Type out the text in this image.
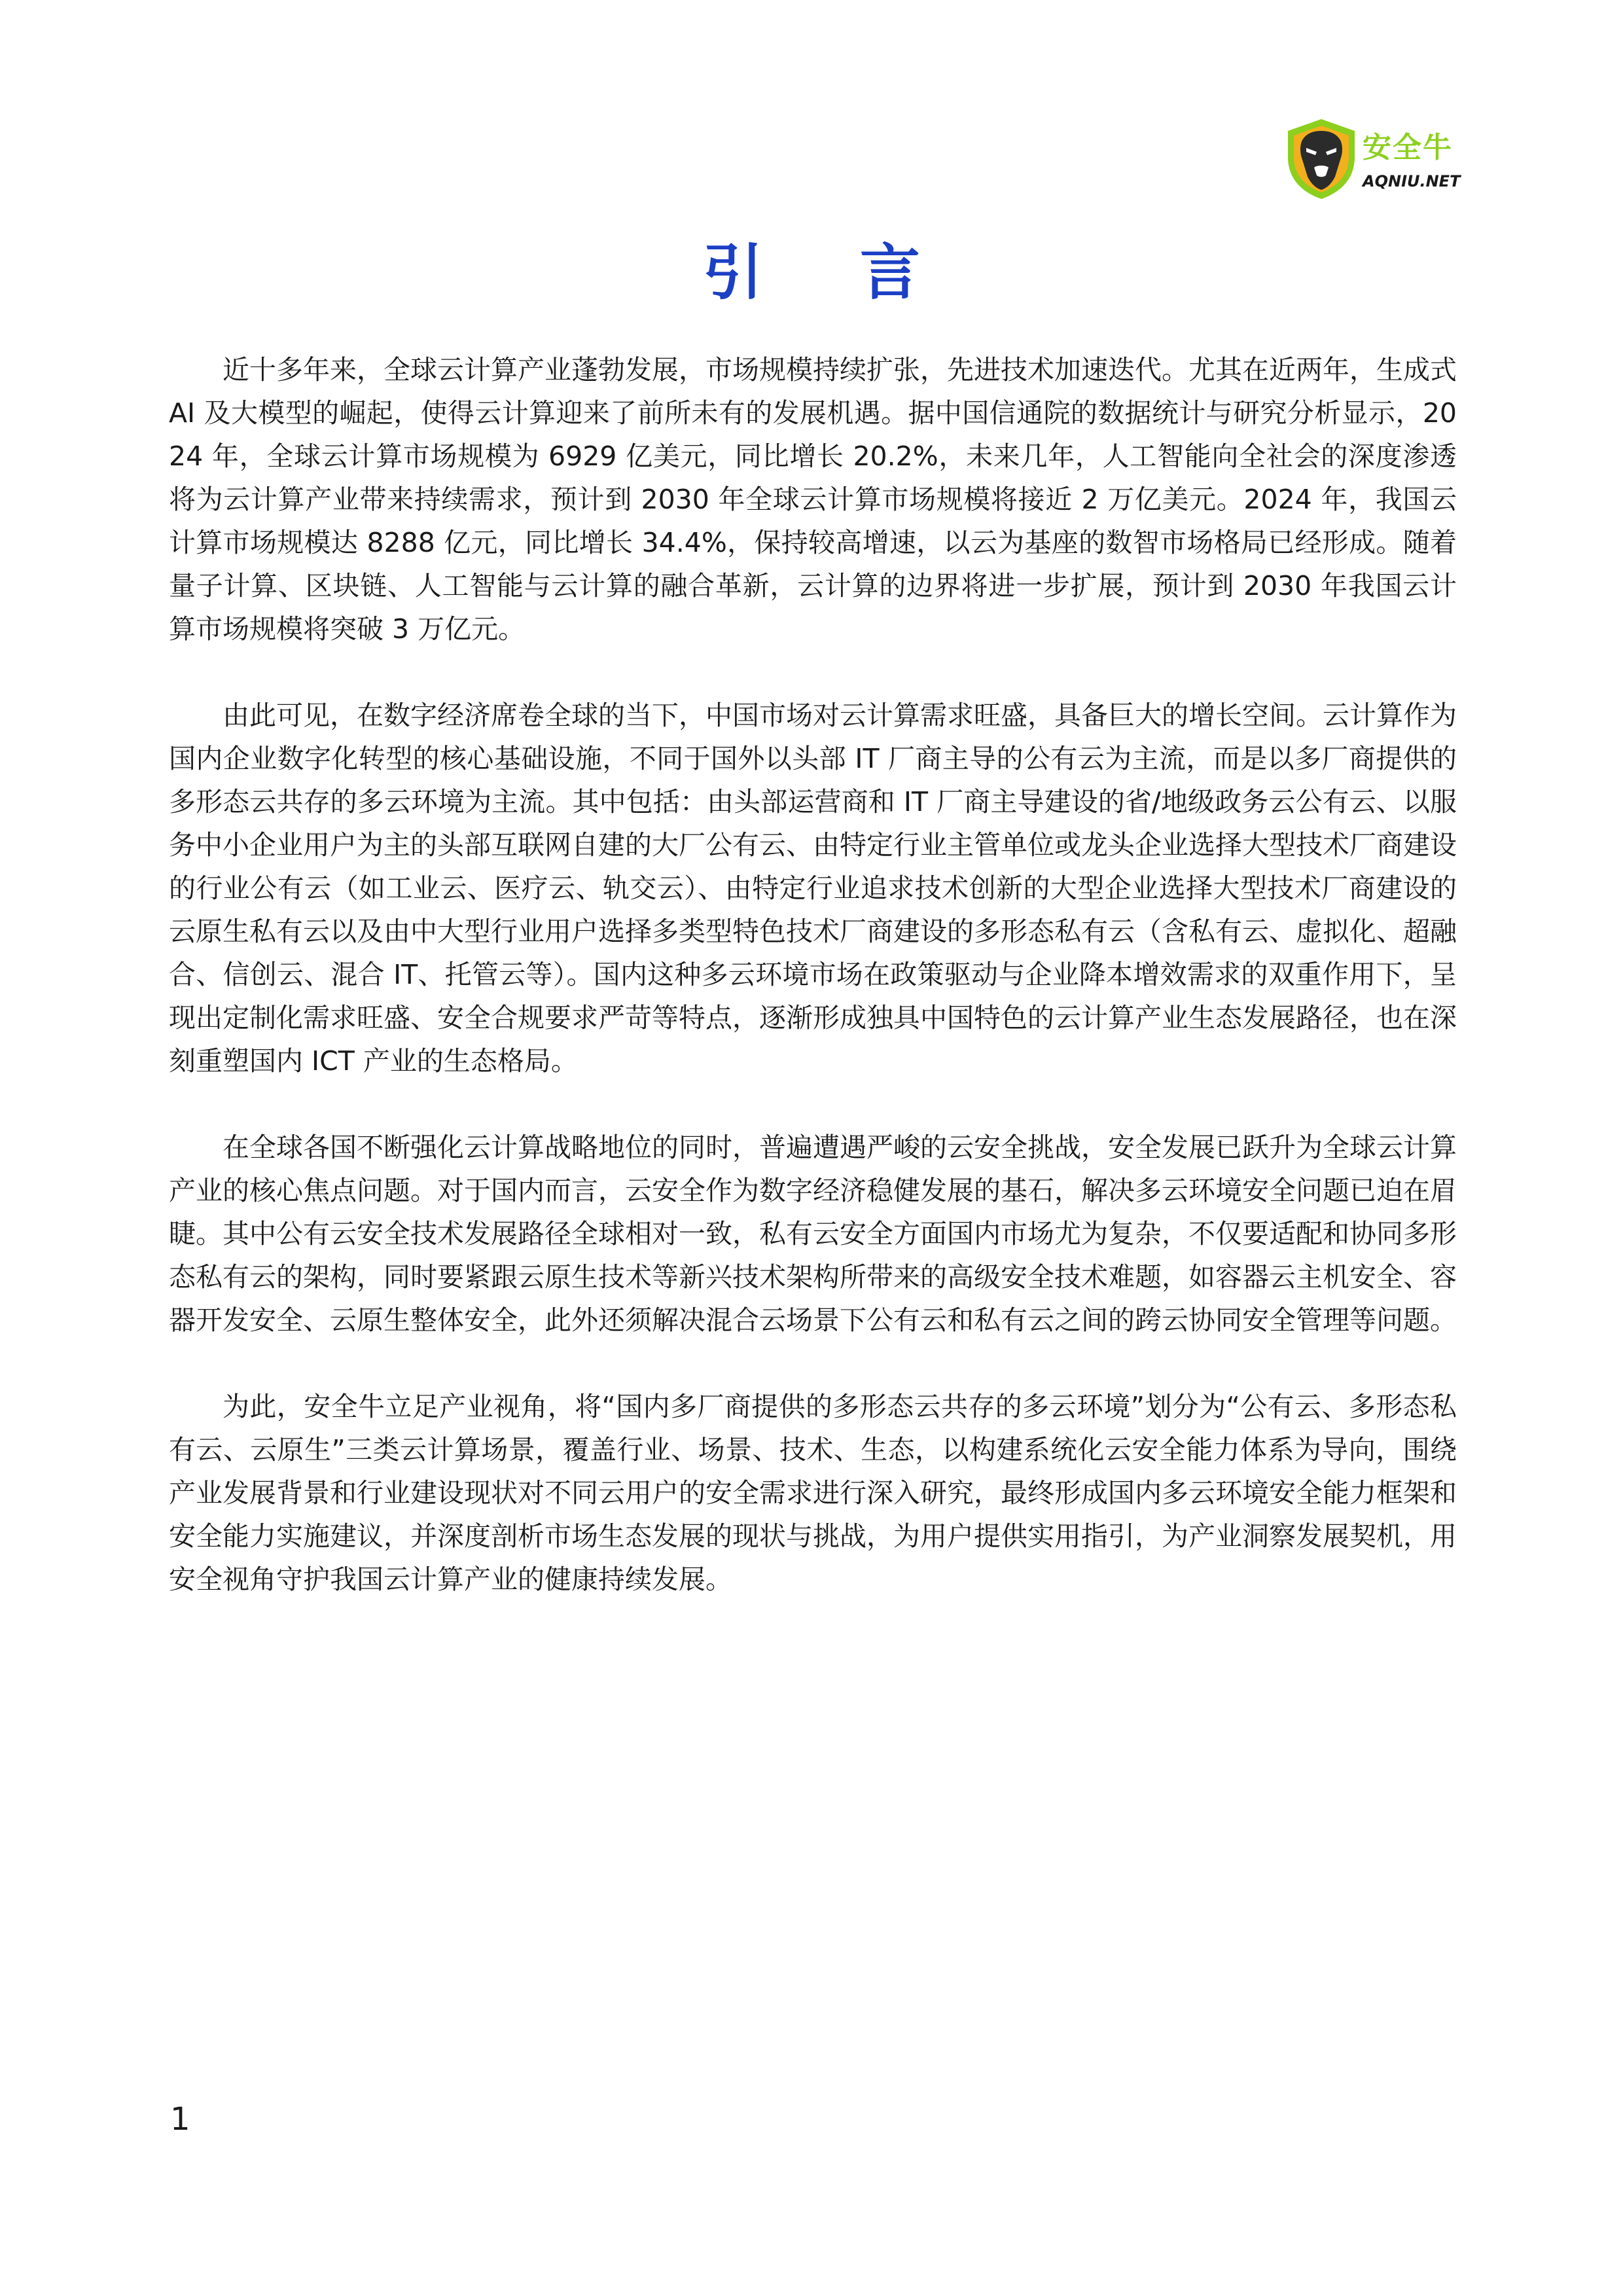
安全牛
AQNIU.NET
引 言

近十多年来，全球云计算产业蓬勃发展，市场规模持续扩张，先进技术加速迭代。尤其在近两年，生成式 AI 及大模型的崛起，使得云计算迎来了前所未有的发展机遇。据中国信通院的数据统计与研究分析显示，2024 年，全球云计算市场规模为 6929 亿美元，同比增长 20.2%，未来几年，人工智能向全社会的深度渗透将为云计算产业带来持续需求，预计到 2030 年全球云计算市场规模将接近 2 万亿美元。2024 年，我国云计算市场规模达 8288 亿元，同比增长 34.4%，保持较高增速，以云为基座的数智市场格局已经形成。随着量子计算、区块链、人工智能与云计算的融合革新，云计算的边界将进一步扩展，预计到 2030 年我国云计算市场规模将突破 3 万亿元。

由此可见，在数字经济席卷全球的当下，中国市场对云计算需求旺盛，具备巨大的增长空间。云计算作为国内企业数字化转型的核心基础设施，不同于国外以头部 IT 厂商主导的公有云为主流，而是以多厂商提供的多形态云共存的多云环境为主流。其中包括：由头部运营商和 IT 厂商主导建设的省/地级政务云公有云、以服务中小企业用户为主的头部互联网自建的大厂公有云、由特定行业主管单位或龙头企业选择大型技术厂商建设的行业公有云（如工业云、医疗云、轨交云）、由特定行业追求技术创新的大型企业选择大型技术厂商建设的云原生私有云以及由中大型行业用户选择多类型特色技术厂商建设的多形态私有云（含私有云、虚拟化、超融合、信创云、混合 IT、托管云等）。国内这种多云环境市场在政策驱动与企业降本增效需求的双重作用下，呈现出定制化需求旺盛、安全合规要求严苛等特点，逐渐形成独具中国特色的云计算产业生态发展路径，也在深刻重塑国内 ICT 产业的生态格局。

在全球各国不断强化云计算战略地位的同时，普遍遭遇严峻的云安全挑战，安全发展已跃升为全球云计算产业的核心焦点问题。对于国内而言，云安全作为数字经济稳健发展的基石，解决多云环境安全问题已迫在眉睫。其中公有云安全技术发展路径全球相对一致，私有云安全方面国内市场尤为复杂，不仅要适配和协同多形态私有云的架构，同时要紧跟云原生技术等新兴技术架构所带来的高级安全技术难题，如容器云主机安全、容器开发安全、云原生整体安全，此外还须解决混合云场景下公有云和私有云之间的跨云协同安全管理等问题。

为此，安全牛立足产业视角，将“国内多厂商提供的多形态云共存的多云环境”划分为“公有云、多形态私有云、云原生”三类云计算场景，覆盖行业、场景、技术、生态，以构建系统化云安全能力体系为导向，围绕产业发展背景和行业建设现状对不同云用户的安全需求进行深入研究，最终形成国内多云环境安全能力框架和安全能力实施建议，并深度剖析市场生态发展的现状与挑战，为用户提供实用指引，为产业洞察发展契机，用安全视角守护我国云计算产业的健康持续发展。

1
